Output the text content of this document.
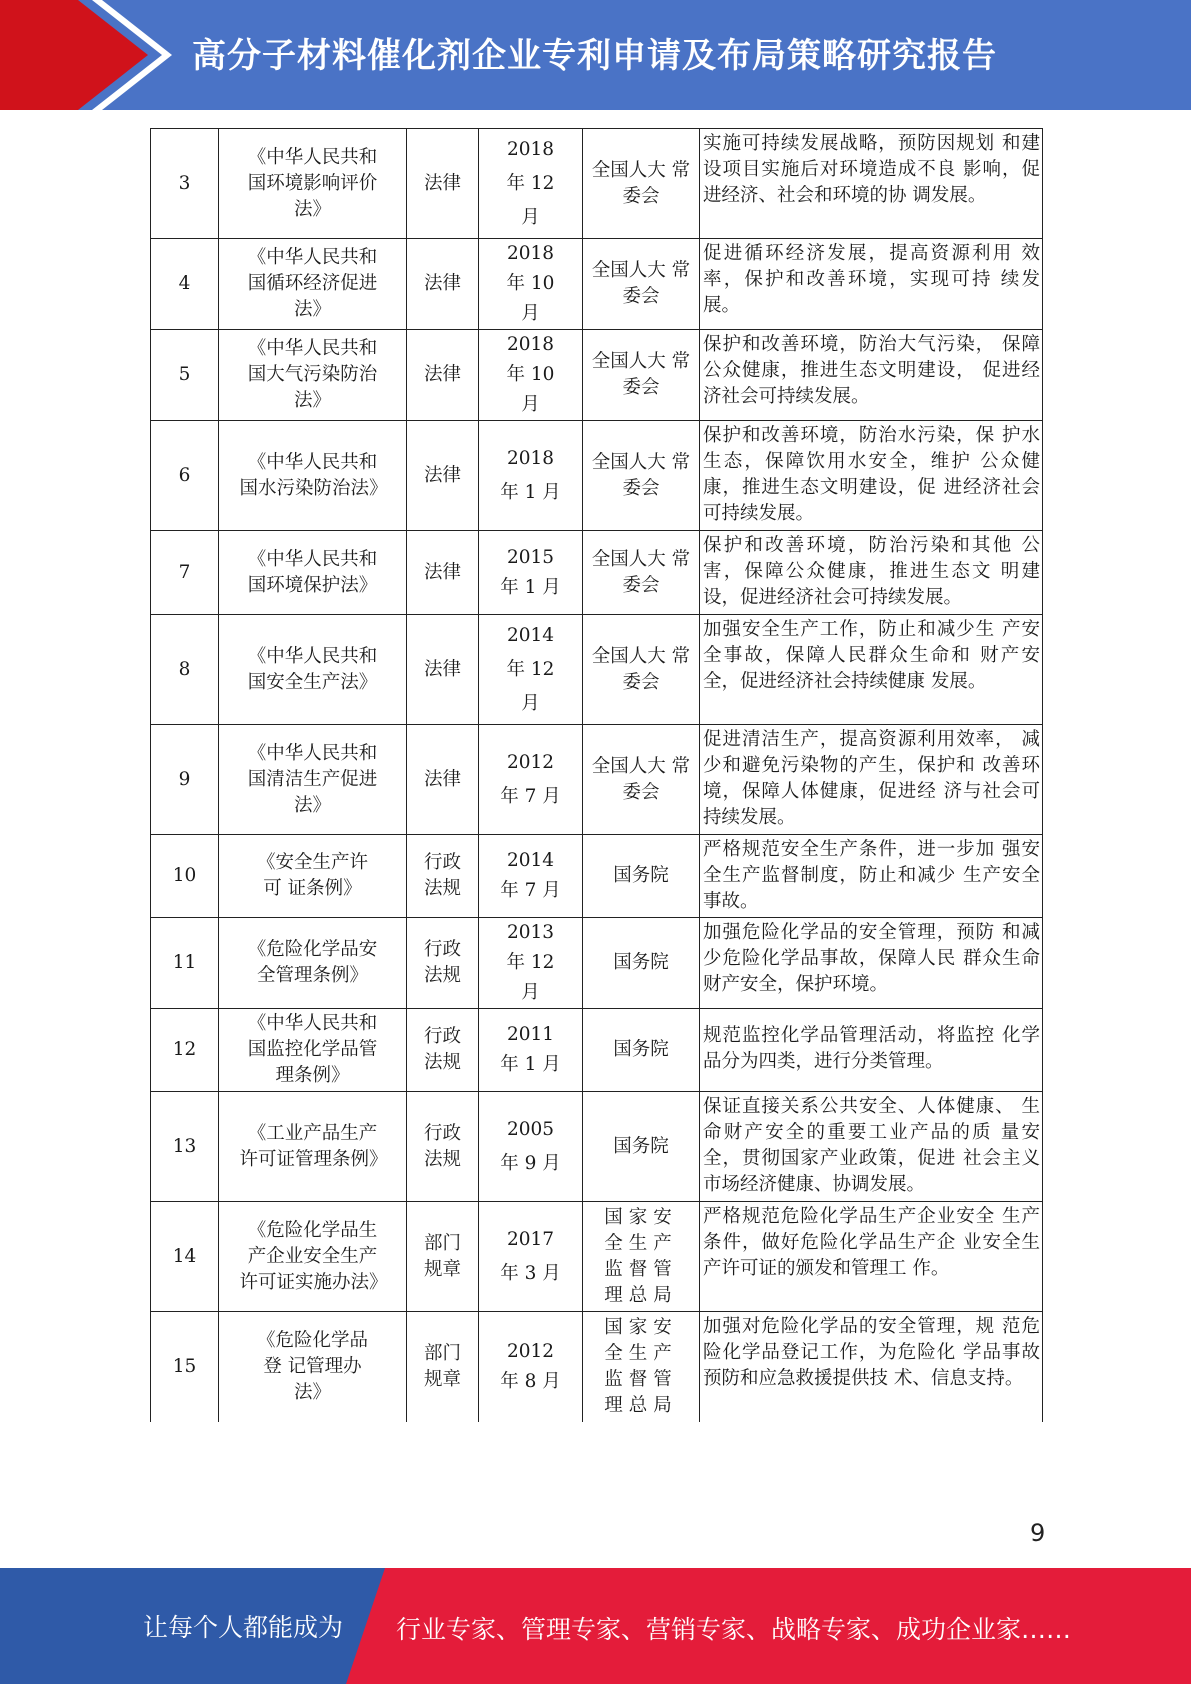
高分子材料催化剂企业专利申请及布局策略研究报告
3	《中华人民共和 国环境影响评价 法》	法律	2018 年 12 月	全国人大 常委会	实施可持续发展战略，预防因规划 和建设项目实施后对环境造成不良 影响，促进经济、社会和环境的协 调发展。

4	《中华人民共和 国循环经济促进 法》	法律	2018 年 10 月	全国人大 常委会	促进循环经济发展，提高资源利用 效率，保护和改善环境，实现可持 续发展。

5	《中华人民共和 国大气污染防治 法》	法律	2018 年 10 月	全国人大 常委会	保护和改善环境，防治大气污染， 保障公众健康，推进生态文明建设， 促进经济社会可持续发展。

6	《中华人民共和 国水污染防治法》	法律	2018 年 1 月	全国人大 常委会	保护和改善环境，防治水污染，保 护水生态，保障饮用水安全，维护 公众健康，推进生态文明建设，促 进经济社会可持续发展。

7	《中华人民共和 国环境保护法》	法律	2015 年 1 月	全国人大 常委会	保护和改善环境，防治污染和其他 公害，保障公众健康，推进生态文 明建设，促进经济社会可持续发展。

8	《中华人民共和 国安全生产法》	法律	2014 年 12 月	全国人大 常委会	加强安全生产工作，防止和减少生 产安全事故，保障人民群众生命和 财产安全，促进经济社会持续健康 发展。

9	《中华人民共和 国清洁生产促进 法》	法律	2012 年 7 月	全国人大 常委会	促进清洁生产，提高资源利用效率， 减少和避免污染物的产生，保护和 改善环境，保障人体健康，促进经 济与社会可持续发展。

10	《安全生产许可 证条例》	行政 法规	2014 年 7 月	国务院	严格规范安全生产条件，进一步加 强安全生产监督制度，防止和减少 生产安全事故。

11	《危险化学品安 全管理条例》	行政 法规	2013 年 12 月	国务院	加强危险化学品的安全管理，预防 和减少危险化学品事故，保障人民 群众生命财产安全，保护环境。

12	《中华人民共和 国监控化学品管 理条例》	行政 法规	2011 年 1 月	国务院	规范监控化学品管理活动，将监控 化学品分为四类，进行分类管理。

13	《工业产品生产 许可证管理条例》	行政 法规	2005 年 9 月	国务院	保证直接关系公共安全、人体健康、 生命财产安全的重要工业产品的质 量安全，贯彻国家产业政策，促进 社会主义市场经济健康、协调发展。

14	《危险化学品生 产企业安全生产 许可证实施办法》	部门 规章	2017 年 3 月	国家安全生产监督管理总局	严格规范危险化学品生产企业安全 生产条件，做好危险化学品生产企 业安全生产许可证的颁发和管理工 作。

15	《危险化学品登 记管理办法》	部门 规章	2012 年 8 月	国家安全生产监督管理总局	加强对危险化学品的安全管理，规 范危险化学品登记工作，为危险化 学品事故预防和应急救援提供技 术、信息支持。
9
让每个人都能成为 行业专家、管理专家、营销专家、战略专家、成功企业家……
